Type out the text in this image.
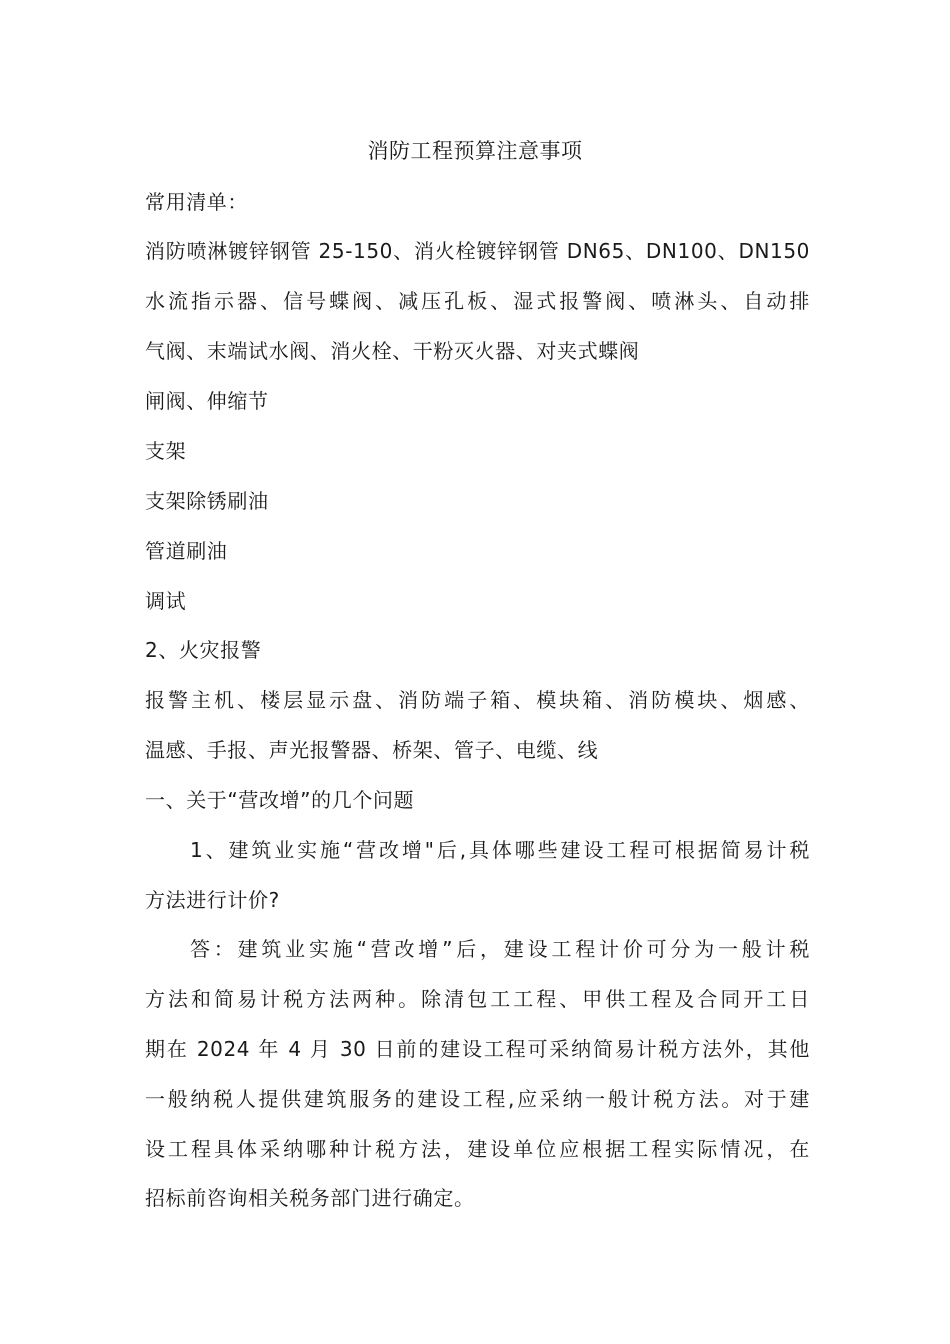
消防工程预算注意事项
常用清单：
消防喷淋镀锌钢管 25-150、消火栓镀锌钢管 DN65、DN100、DN150
水流指示器、信号蝶阀、减压孔板、湿式报警阀、喷淋头、自动排
气阀、末端试水阀、消火栓、干粉灭火器、对夹式蝶阀
闸阀、伸缩节
支架
支架除锈刷油
管道刷油
调试
2、火灾报警
报警主机、楼层显示盘、消防端子箱、模块箱、消防模块、烟感、
温感、手报、声光报警器、桥架、管子、电缆、线
一、关于“营改增”的几个问题
1、建筑业实施“营改增"后,具体哪些建设工程可根据简易计税
方法进行计价?
答：建筑业实施“营改增”后，建设工程计价可分为一般计税
方法和简易计税方法两种。除清包工工程、甲供工程及合同开工日
期在 2024 年 4 月 30 日前的建设工程可采纳简易计税方法外，其他
一般纳税人提供建筑服务的建设工程,应采纳一般计税方法。对于建
设工程具体采纳哪种计税方法，建设单位应根据工程实际情况，在
招标前咨询相关税务部门进行确定。
